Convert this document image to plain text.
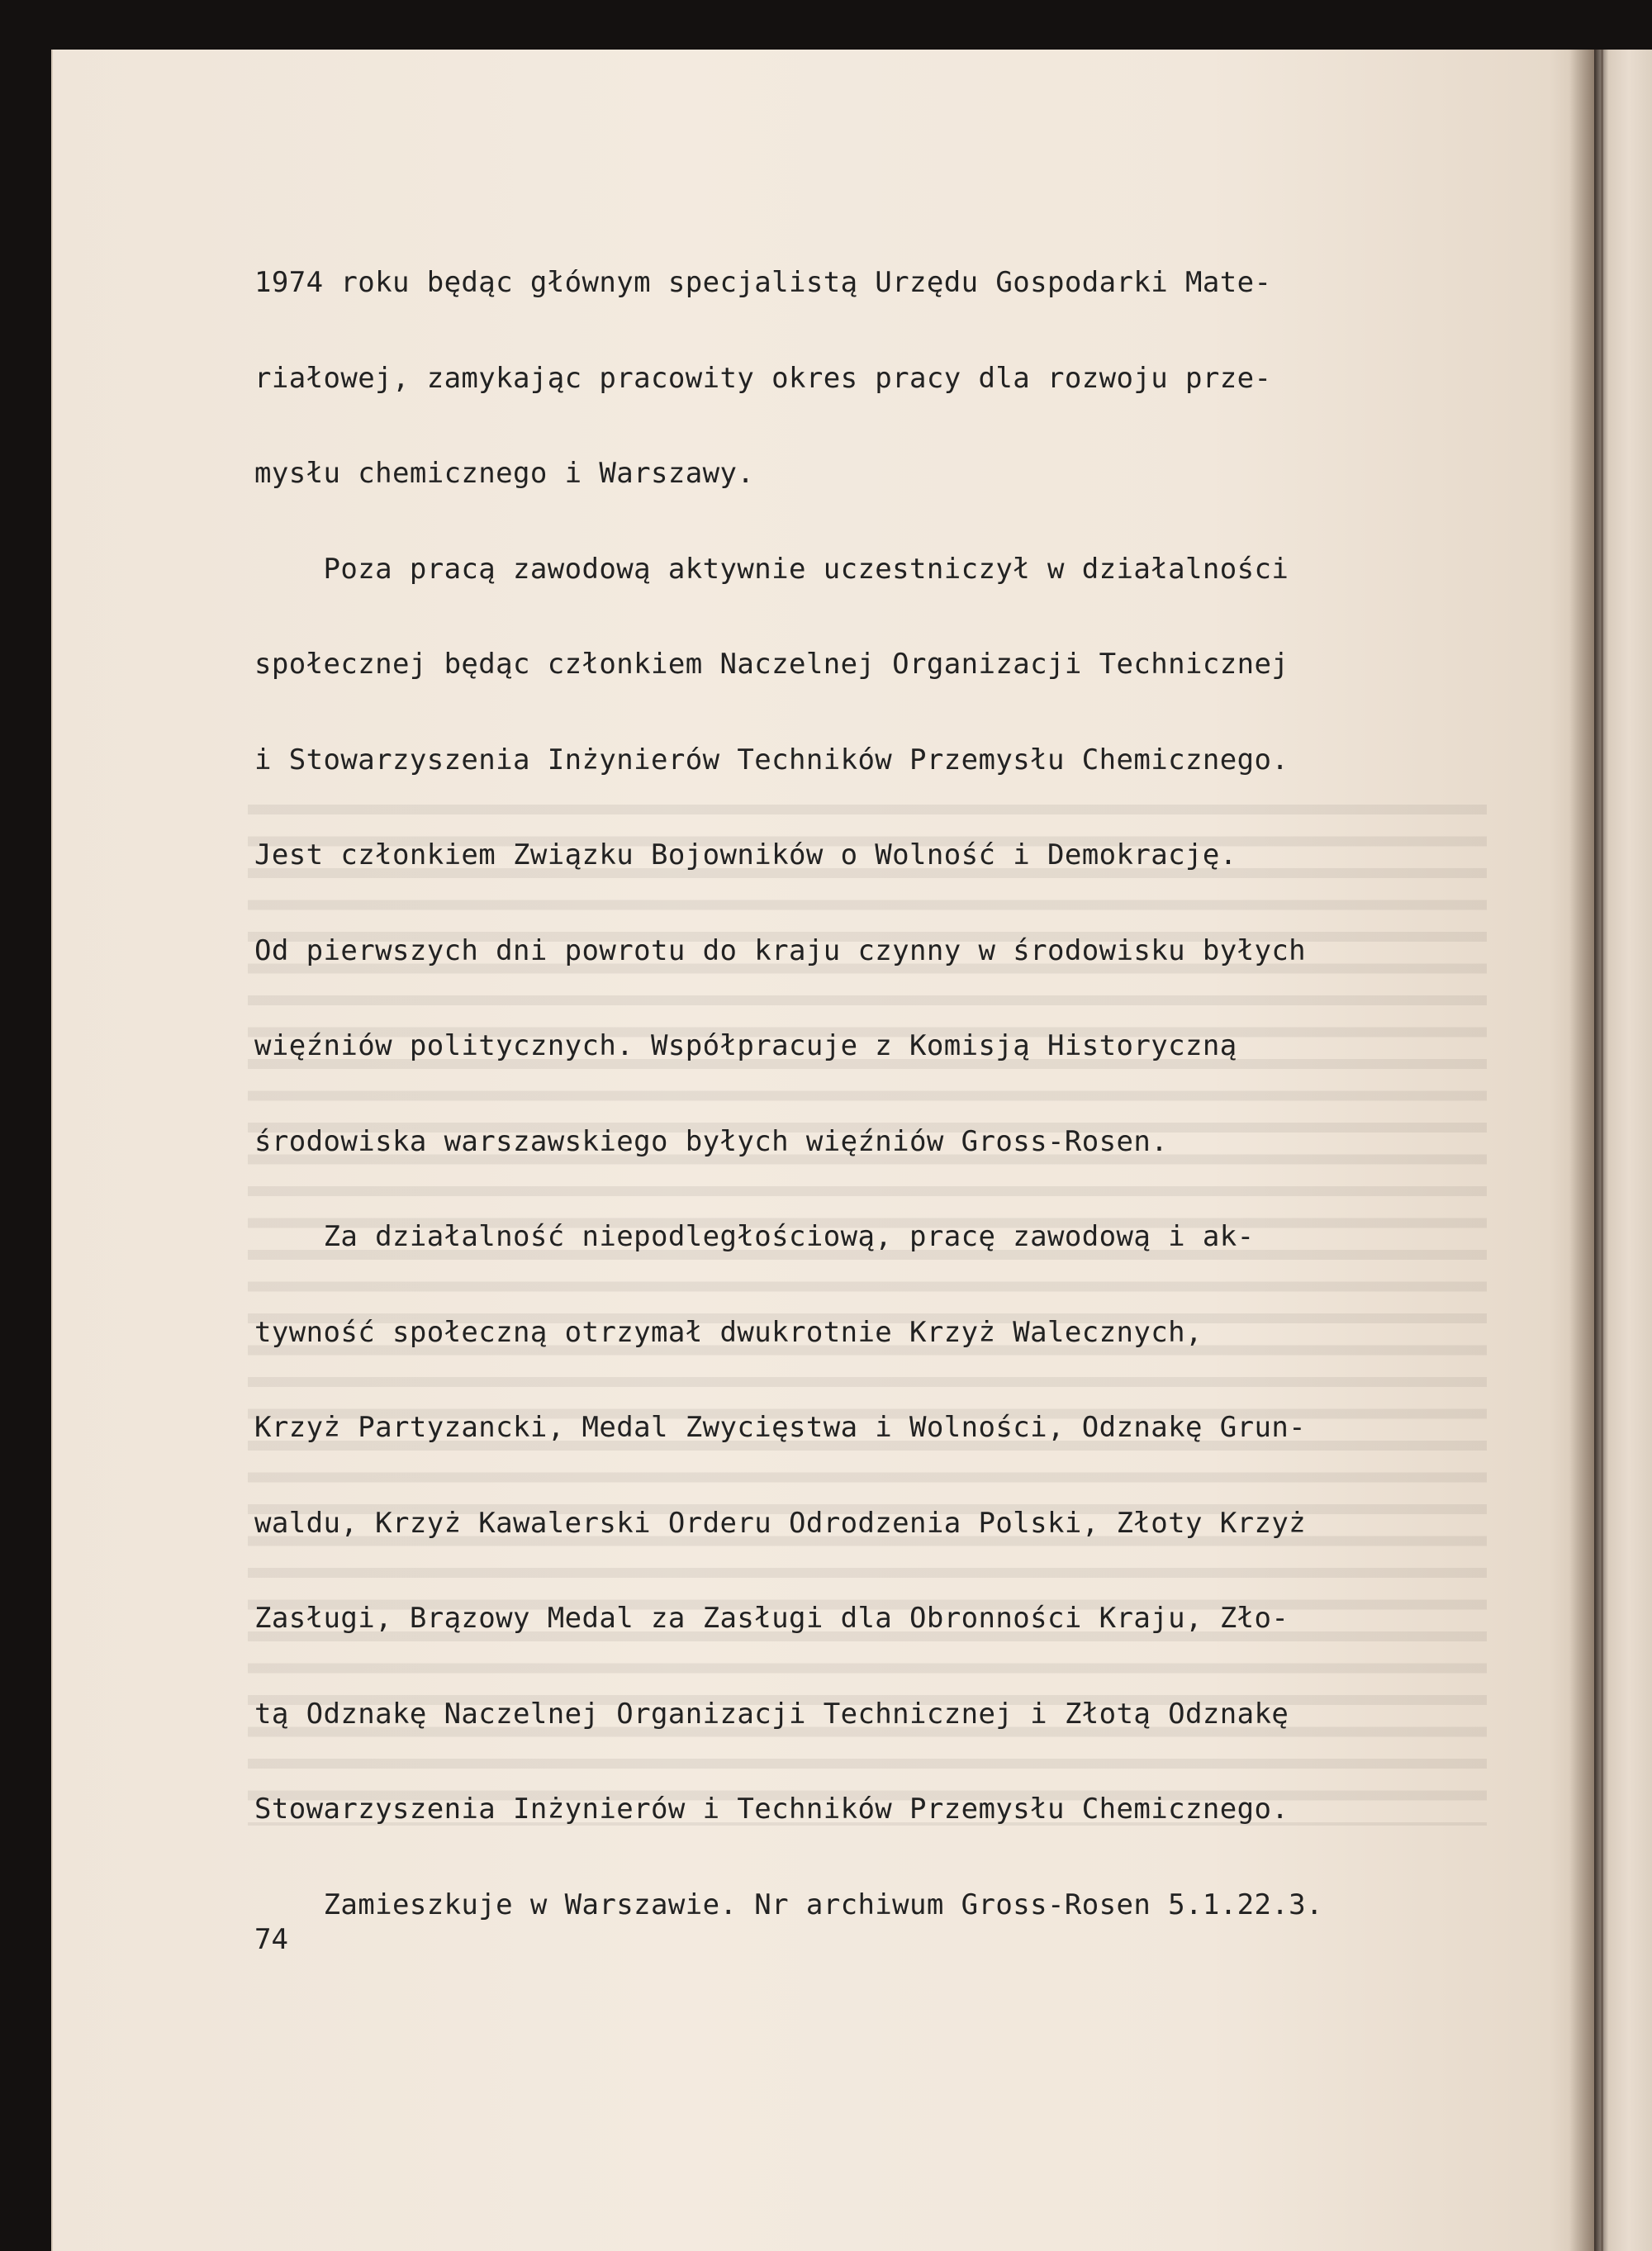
1974 roku będąc głównym specjalistą Urzędu Gospodarki Mate-

riałowej, zamykając pracowity okres pracy dla rozwoju prze-

mysłu chemicznego i Warszawy.

Poza pracą zawodową aktywnie uczestniczył w działalności

społecznej będąc członkiem Naczelnej Organizacji Technicznej

i Stowarzyszenia Inżynierów Techników Przemysłu Chemicznego.

Jest członkiem Związku Bojowników o Wolność i Demokrację.

Od pierwszych dni powrotu do kraju czynny w środowisku byłych

więźniów politycznych. Współpracuje z Komisją Historyczną

środowiska warszawskiego byłych więźniów Gross-Rosen.

Za działalność niepodległościową, pracę zawodową i ak-

tywność społeczną otrzymał dwukrotnie Krzyż Walecznych,

Krzyż Partyzancki, Medal Zwycięstwa i Wolności, Odznakę Grun-

waldu, Krzyż Kawalerski Orderu Odrodzenia Polski, Złoty Krzyż

Zasługi, Brązowy Medal za Zasługi dla Obronności Kraju, Zło-

tą Odznakę Naczelnej Organizacji Technicznej i Złotą Odznakę

Stowarzyszenia Inżynierów i Techników Przemysłu Chemicznego.

Zamieszkuje w Warszawie. Nr archiwum Gross-Rosen 5.1.22.3.

74
